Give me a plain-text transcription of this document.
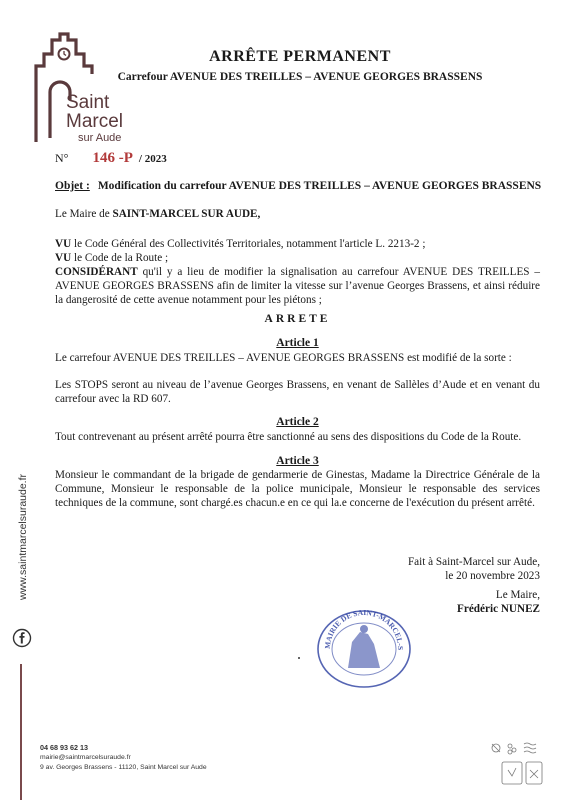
Saint
Marcel
sur Aude
ARRÊTE PERMANENT
Carrefour AVENUE DES TREILLES – AVENUE GEORGES BRASSENS
N° 146 -P / 2023
Objet : Modification du carrefour AVENUE DES TREILLES – AVENUE GEORGES BRASSENS
Le Maire de SAINT-MARCEL SUR AUDE,
VU le Code Général des Collectivités Territoriales, notamment l'article L. 2213-2 ;
VU le Code de la Route ;
CONSIDÉRANT qu'il y a lieu de modifier la signalisation au carrefour AVENUE DES TREILLES – AVENUE GEORGES BRASSENS afin de limiter la vitesse sur l’avenue Georges Brassens, et ainsi réduire la dangerosité de cette avenue notamment pour les piétons ;
ARRETE
Article 1
Le carrefour AVENUE DES TREILLES – AVENUE GEORGES BRASSENS est modifié de la sorte :
Les STOPS seront au niveau de l’avenue Georges Brassens, en venant de Sallèles d’Aude et en venant du carrefour avec la RD 607.
Article 2
Tout contrevenant au présent arrêté pourra être sanctionné au sens des dispositions du Code de la Route.
Article 3
Monsieur le commandant de la brigade de gendarmerie de Ginestas, Madame la Directrice Générale de la Commune, Monsieur le responsable de la police municipale, Monsieur le responsable des services techniques de la commune, sont chargé.es chacun.e en ce qui la.e concerne de l'exécution du présent arrêté.
Fait à Saint-Marcel sur Aude,
le 20 novembre 2023
Le Maire,
Frédéric NUNEZ
MAIRIE DE SAINT-MARCEL-S
www.saintmarcelsuraude.fr
04 68 93 62 13
mairie@saintmarcelsuraude.fr
9 av. Georges Brassens - 11120, Saint Marcel sur Aude
